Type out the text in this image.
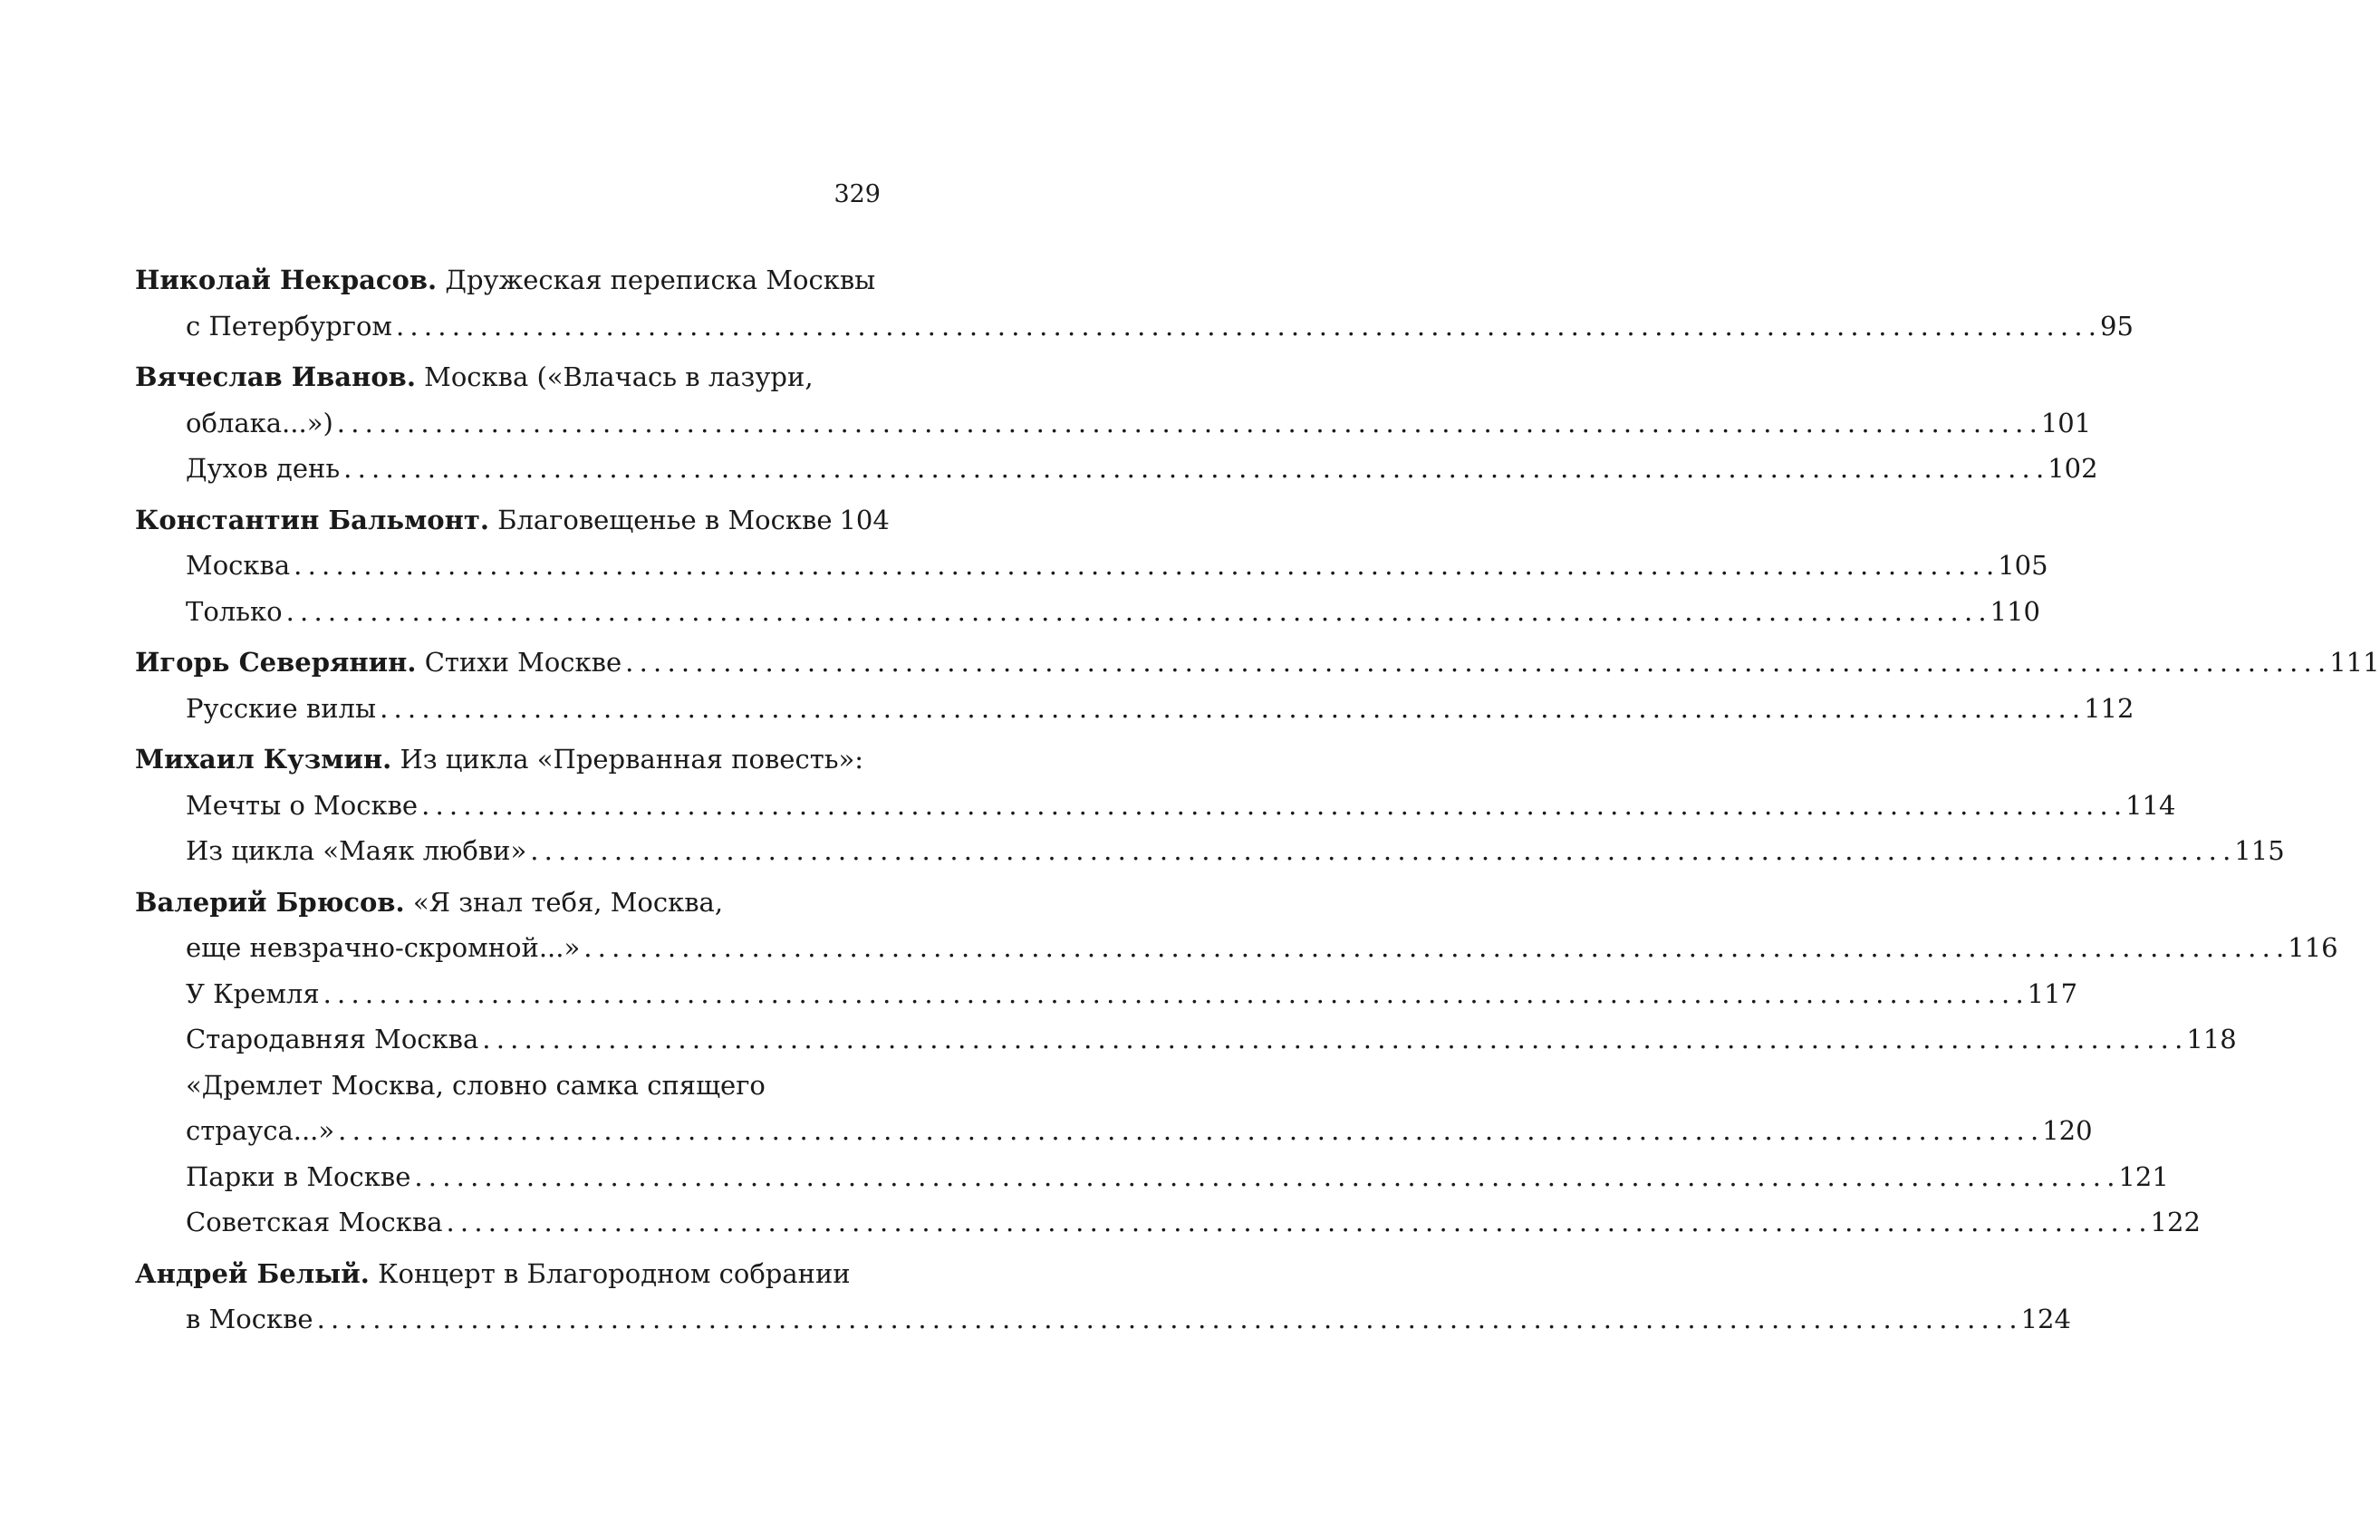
329
Николай Некрасов. Дружеская переписка Москвы
с Петербургом . . .	95
Вячеслав Иванов. Москва («Влачась в лазури,
облака...») . . .	101
Духов день . . .	102
Константин Бальмонт. Благовещенье в Москве 104
Москва . . .	105
Только . . .	110
Игорь Северянин. Стихи Москве . . .	111
Русские вилы . . .	112
Михаил Кузмин. Из цикла «Прерванная повесть»:
Мечты о Москве . . .	114
Из цикла «Маяк любви» . . .	115
Валерий Брюсов. «Я знал тебя, Москва,
еще невзрачно-скромной...» . . .	116
У Кремля . . .	117
Стародавняя Москва . . .	118
«Дремлет Москва, словно самка спящего
страуса...» . . .	120
Парки в Москве . . .	121
Советская Москва . . .	122
Андрей Белый. Концерт в Благородном собрании
в Москве . . .	124
